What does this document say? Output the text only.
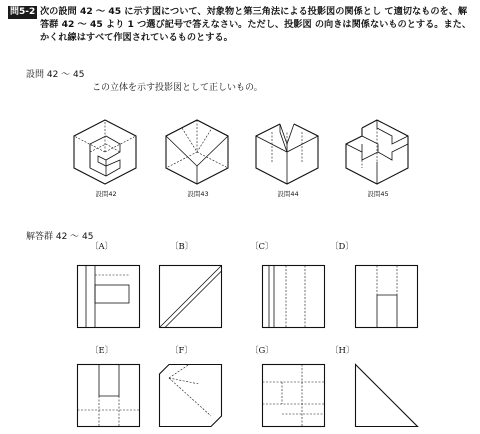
問5-2 次の設問 42 ～ 45 に示す図について、対象物と第三角法による投影図の関係とし て適切なものを、解答群 42 ～ 45 より 1 つ選び記号で答えなさい。ただし、投影図 の向きは関係ないものとする。また、かくれ線はすべて作図されているものとする。
設問 42 ～ 45
この立体を示す投影図として正しいもの。
設問42	設問43	設問44	設問45
解答群 42 ～ 45
〔A〕	〔B〕	〔C〕	〔D〕
〔E〕	〔F〕	〔G〕	〔H〕
